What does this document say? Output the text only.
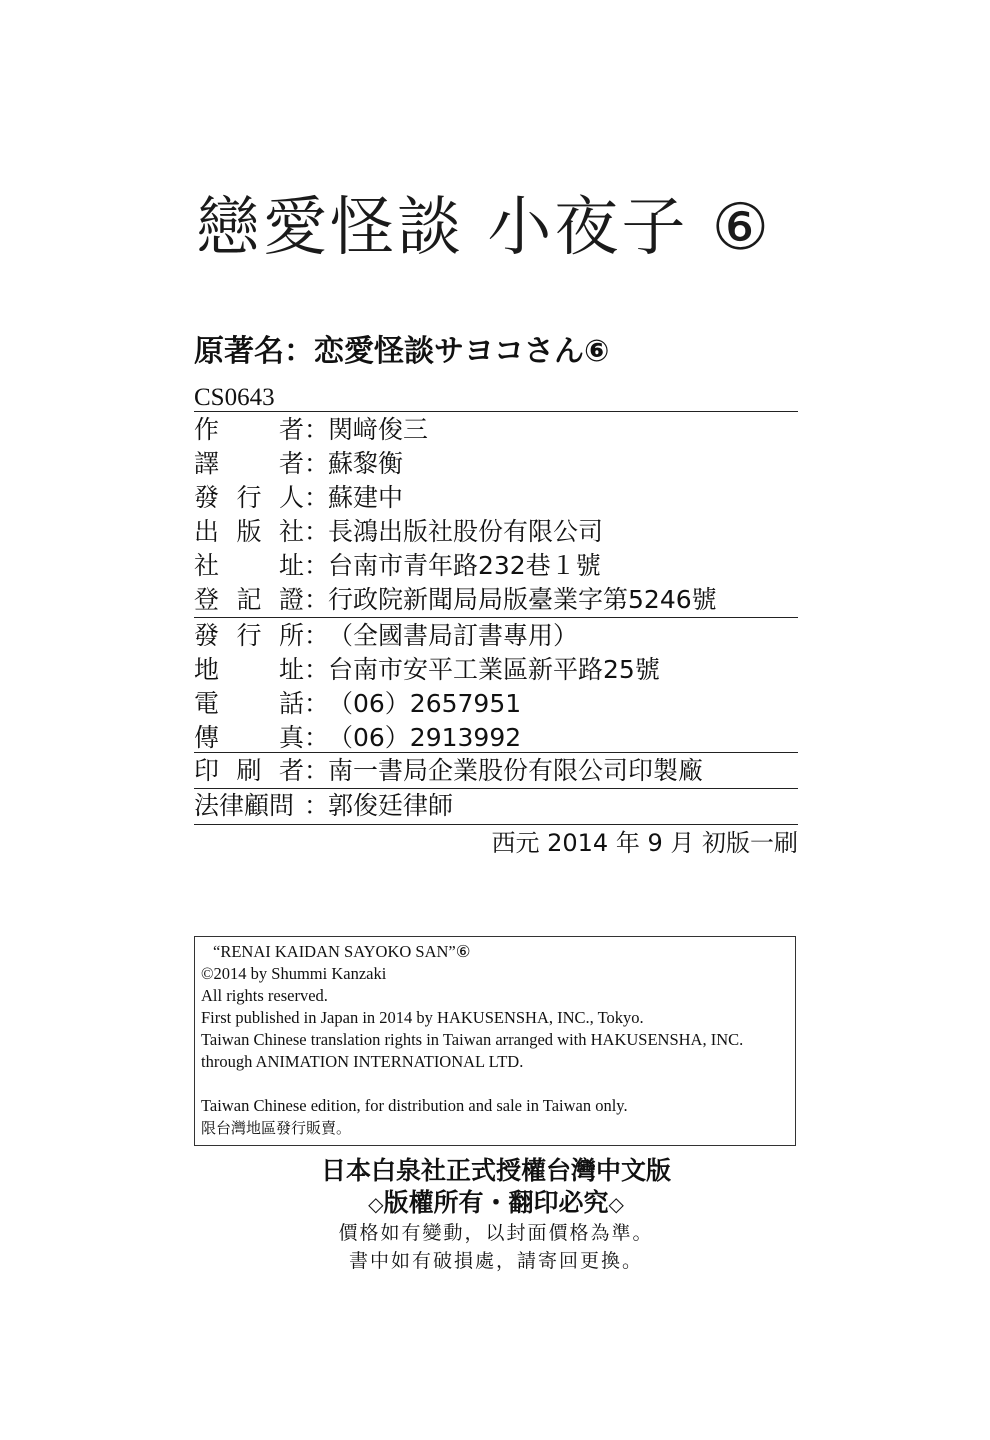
戀愛怪談 小夜子 ⑥
原著名：恋愛怪談サヨコさん⑥
CS0643
作 者 ：
関﨑俊三
譯 者 ：
蘇黎衡
發 行 人 ：
蘇建中
出 版 社 ：
長鴻出版社股份有限公司
社 址 ：
台南市青年路232巷１號
登 記 證 ：
行政院新聞局局版臺業字第5246號
發 行 所 ：
（全國書局訂書專用）
地 址 ：
台南市安平工業區新平路25號
電 話 ：
（06）2657951
傳 真 ：
（06）2913992
印 刷 者 ：
南一書局企業股份有限公司印製廠
法律顧問 ：
郭俊廷律師
西元 2014 年 9 月 初版一刷
“RENAI KAIDAN SAYOKO SAN”⑥
©2014 by Shummi Kanzaki
All rights reserved.
First published in Japan in 2014 by HAKUSENSHA, INC., Tokyo.
Taiwan Chinese translation rights in Taiwan arranged with HAKUSENSHA, INC.
through ANIMATION INTERNATIONAL LTD.
Taiwan Chinese edition, for distribution and sale in Taiwan only.
限台灣地區發行販賣。
日本白泉社正式授權台灣中文版
◇版權所有・翻印必究◇
價格如有變動，以封面價格為準。
書中如有破損處，請寄回更換。
